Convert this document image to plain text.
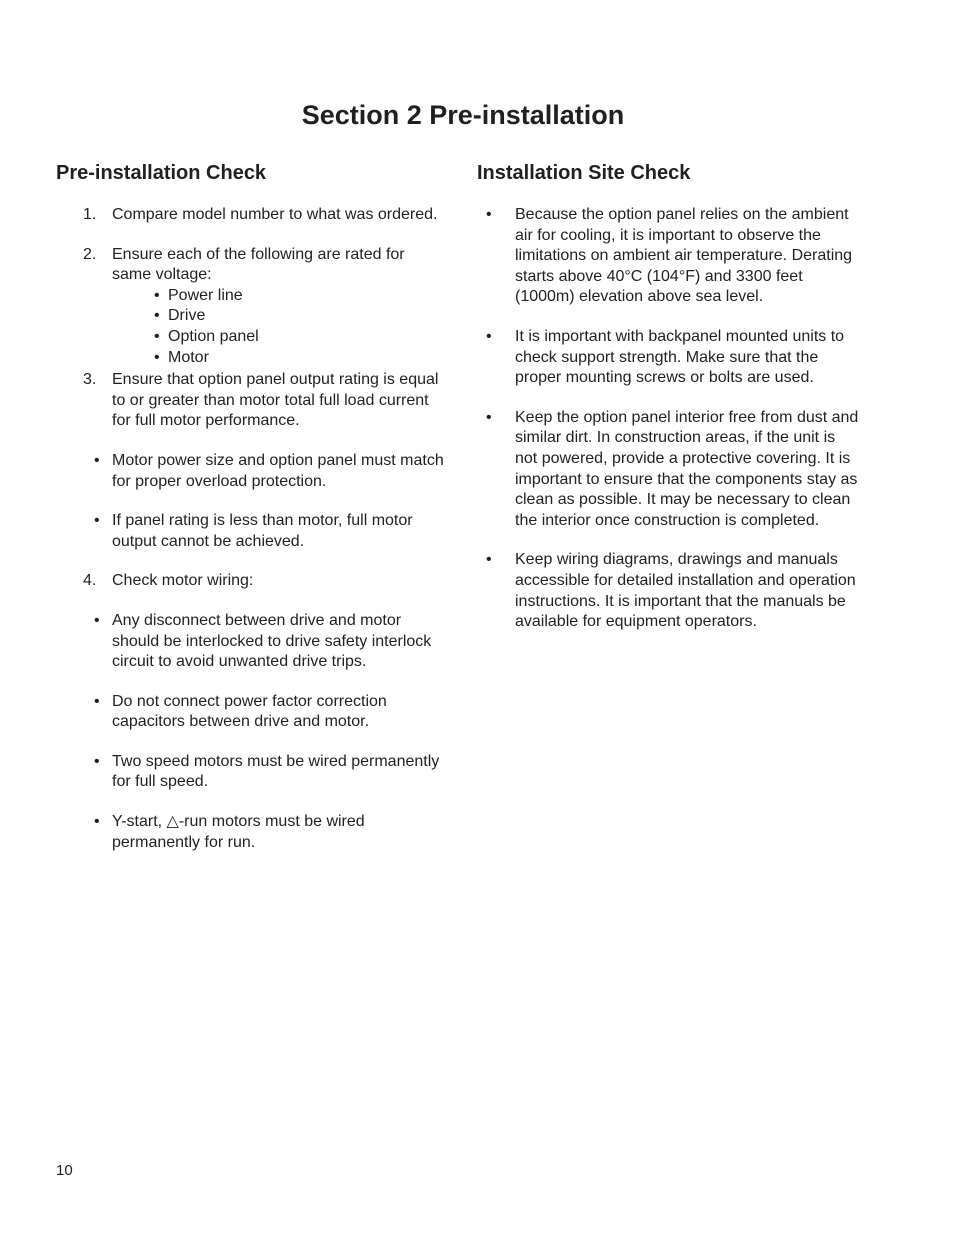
Section 2 Pre-installation
Pre-installation Check	Installation Site Check
1. Compare model number to what was ordered.
2. Ensure each of the following are rated for same voltage:
• Power line
• Drive
• Option panel
• Motor
3. Ensure that option panel output rating is equal to or greater than motor total full load current for full motor performance.
• Motor power size and option panel must match for proper overload protection.
• If panel rating is less than motor, full motor output cannot be achieved.
4. Check motor wiring:
• Any disconnect between drive and motor should be interlocked to drive safety interlock circuit to avoid unwanted drive trips.
• Do not connect power factor correction capacitors between drive and motor.
• Two speed motors must be wired permanently for full speed.
• Y-start, △-run motors must be wired permanently for run.
•	Because the option panel relies on the ambient air for cooling, it is important to observe the limitations on ambient air temperature. Derating starts above 40°C (104°F) and 3300 feet (1000m) elevation above sea level.
•	It is important with backpanel mounted units to check support strength. Make sure that the proper mounting screws or bolts are used.
•	Keep the option panel interior free from dust and similar dirt. In construction areas, if the unit is not powered, provide a protective covering. It is important to ensure that the components stay as clean as possible. It may be necessary to clean the interior once construction is completed.
•	Keep wiring diagrams, drawings and manuals accessible for detailed installation and operation instructions. It is important that the manuals be available for equipment operators.
10
